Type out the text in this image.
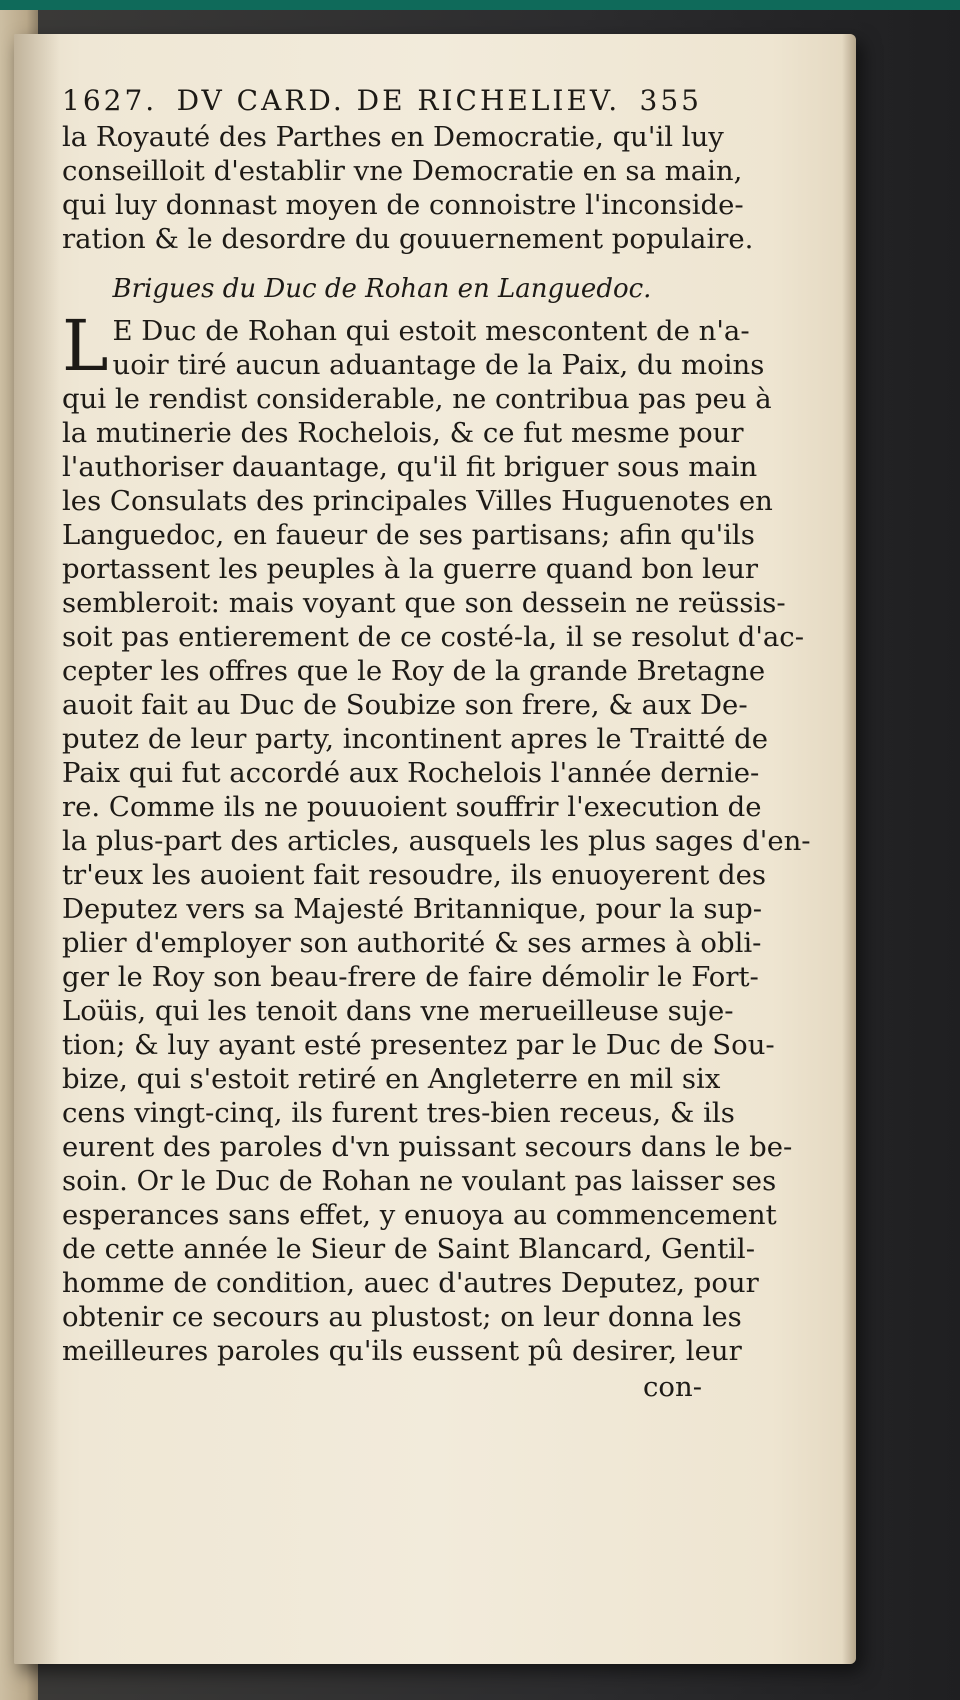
1627. DV CARD. DE RICHELIEV. 355
la Royauté des Parthes en Democratie, qu'il luy
conseilloit d'establir vne Democratie en sa main,
qui luy donnast moyen de connoistre l'inconside-
ration & le desordre du gouuernement populaire.
Brigues du Duc de Rohan en Languedoc.
L E Duc de Rohan qui estoit mescontent de n'a-
uoir tiré aucun aduantage de la Paix, du moins
qui le rendist considerable, ne contribua pas peu à
la mutinerie des Rochelois, & ce fut mesme pour
l'authoriser dauantage, qu'il fit briguer sous main
les Consulats des principales Villes Huguenotes en
Languedoc, en faueur de ses partisans; afin qu'ils
portassent les peuples à la guerre quand bon leur
sembleroit: mais voyant que son dessein ne reüssis-
soit pas entierement de ce costé-la, il se resolut d'ac-
cepter les offres que le Roy de la grande Bretagne
auoit fait au Duc de Soubize son frere, & aux De-
putez de leur party, incontinent apres le Traitté de
Paix qui fut accordé aux Rochelois l'année dernie-
re. Comme ils ne pouuoient souffrir l'execution de
la plus-part des articles, ausquels les plus sages d'en-
tr'eux les auoient fait resoudre, ils enuoyerent des
Deputez vers sa Majesté Britannique, pour la sup-
plier d'employer son authorité & ses armes à obli-
ger le Roy son beau-frere de faire démolir le Fort-
Loüis, qui les tenoit dans vne merueilleuse suje-
tion; & luy ayant esté presentez par le Duc de Sou-
bize, qui s'estoit retiré en Angleterre en mil six
cens vingt-cinq, ils furent tres-bien receus, & ils
eurent des paroles d'vn puissant secours dans le be-
soin. Or le Duc de Rohan ne voulant pas laisser ses
esperances sans effet, y enuoya au commencement
de cette année le Sieur de Saint Blancard, Gentil-
homme de condition, auec d'autres Deputez, pour
obtenir ce secours au plustost; on leur donna les
meilleures paroles qu'ils eussent pû desirer, leur
con-
